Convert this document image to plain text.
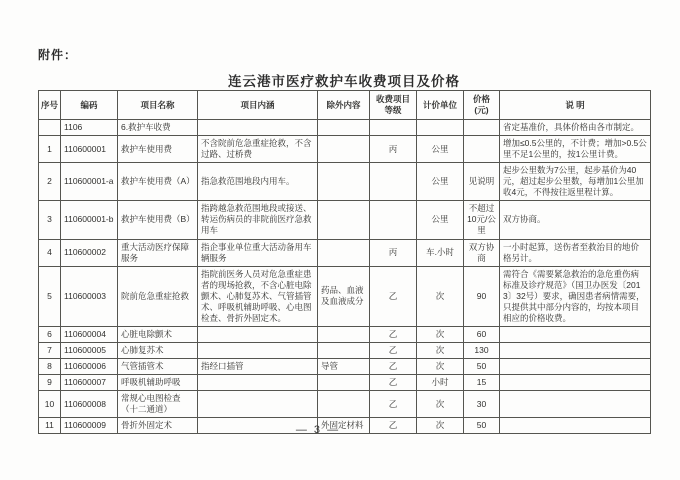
附件：
连云港市医疗救护车收费项目及价格
序号	编码	项目名称	项目内涵	除外内容	收费项目等级	计价单位	价格(元)	说 明
	1106	6.救护车收费						省定基准价，具体价格由各市制定。
1	110600001	救护车使用费	不含院前危急重症抢救，不含过路、过桥费		丙	公里		增加≤0.5公里的，不计费；增加>0.5公里不足1公里的，按1公里计费。
2	110600001-a	救护车使用费（A）	指急救范围地段内用车。			公里	见说明	起步公里数为7公里，起步基价为40元，超过起步公里数，每增加1公里加收4元，不得按往返里程计算。
3	110600001-b	救护车使用费（B）	指跨越急救范围地段或接送、转运伤病员的非院前医疗急救用车			公里	不超过10元/公里	双方协商。
4	110600002	重大活动医疗保障服务	指企事业单位重大活动备用车辆服务		丙	车.小时	双方协商	一小时起算，送伤者至救治目的地价格另计。
5	110600003	院前危急重症抢救	指院前医务人员对危急重症患者的现场抢救，不含心脏电除颤术、心肺复苏术、气管插管术、呼吸机辅助呼吸、心电图检查、骨折外固定术。	药品、血液及血液成分	乙	次	90	需符合《需要紧急救治的急危重伤病标准及诊疗规范》（国卫办医发〔2013〕32号）要求，确因患者病情需要，只提供其中部分内容的，均按本项目相应的价格收费。
6	110600004	心脏电除颤术			乙	次	60	
7	110600005	心肺复苏术			乙	次	130	
8	110600006	气管插管术	指经口插管	导管	乙	次	50	
9	110600007	呼吸机辅助呼吸			乙	小时	15	
10	110600008	常规心电图检查（十二通道）			乙	次	30	
11	110600009	骨折外固定术		外固定材料	乙	次	50	
— 3 —
